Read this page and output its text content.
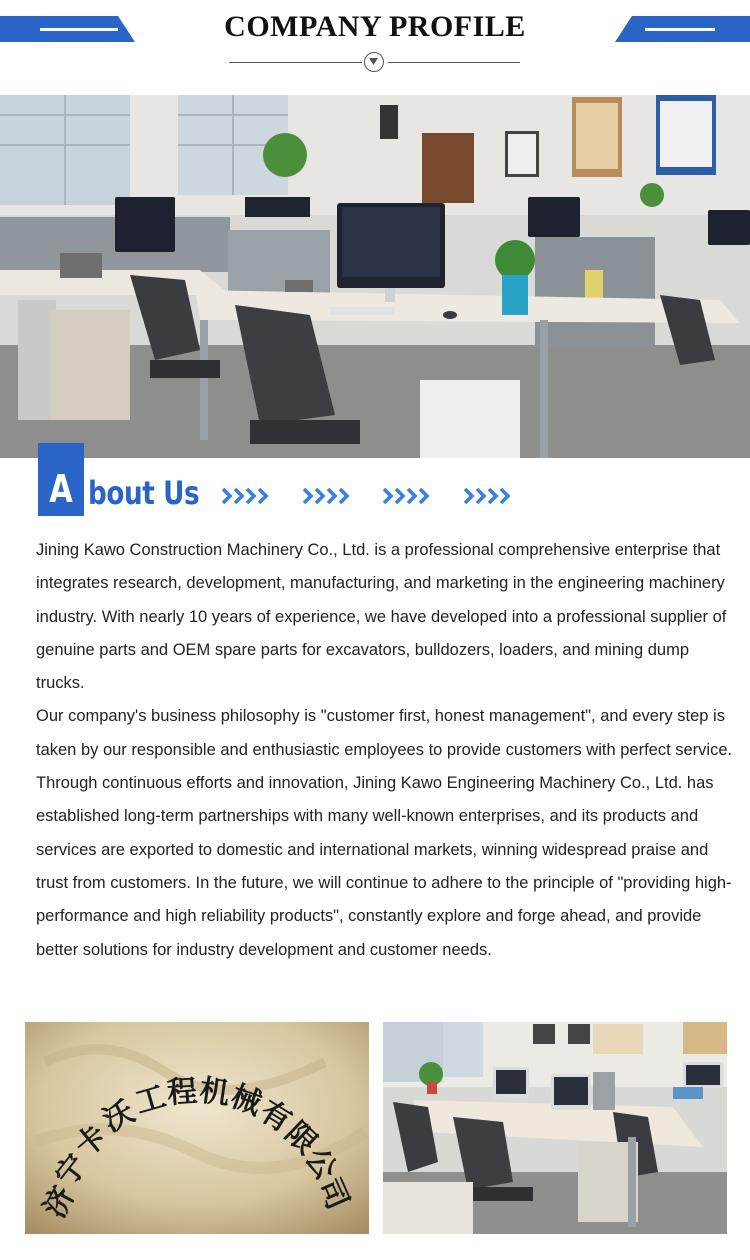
COMPANY PROFILE
A bout Us

Jining Kawo Construction Machinery Co., Ltd. is a professional comprehensive enterprise that integrates research, development, manufacturing, and marketing in the engineering machinery industry. With nearly 10 years of experience, we have developed into a professional supplier of genuine parts and OEM spare parts for excavators, bulldozers, loaders, and mining dump trucks.

Our company's business philosophy is "customer first, honest management", and every step is taken by our responsible and enthusiastic employees to provide customers with perfect service. Through continuous efforts and innovation, Jining Kawo Engineering Machinery Co., Ltd. has established long-term partnerships with many well-known enterprises, and its products and services are exported to domestic and international markets, winning widespread praise and trust from customers. In the future, we will continue to adhere to the principle of "providing high-performance and high reliability products", constantly explore and forge ahead, and provide better solutions for industry development and customer needs.

济
宁
卡
沃
工
程
机
械
有
限
公
司
